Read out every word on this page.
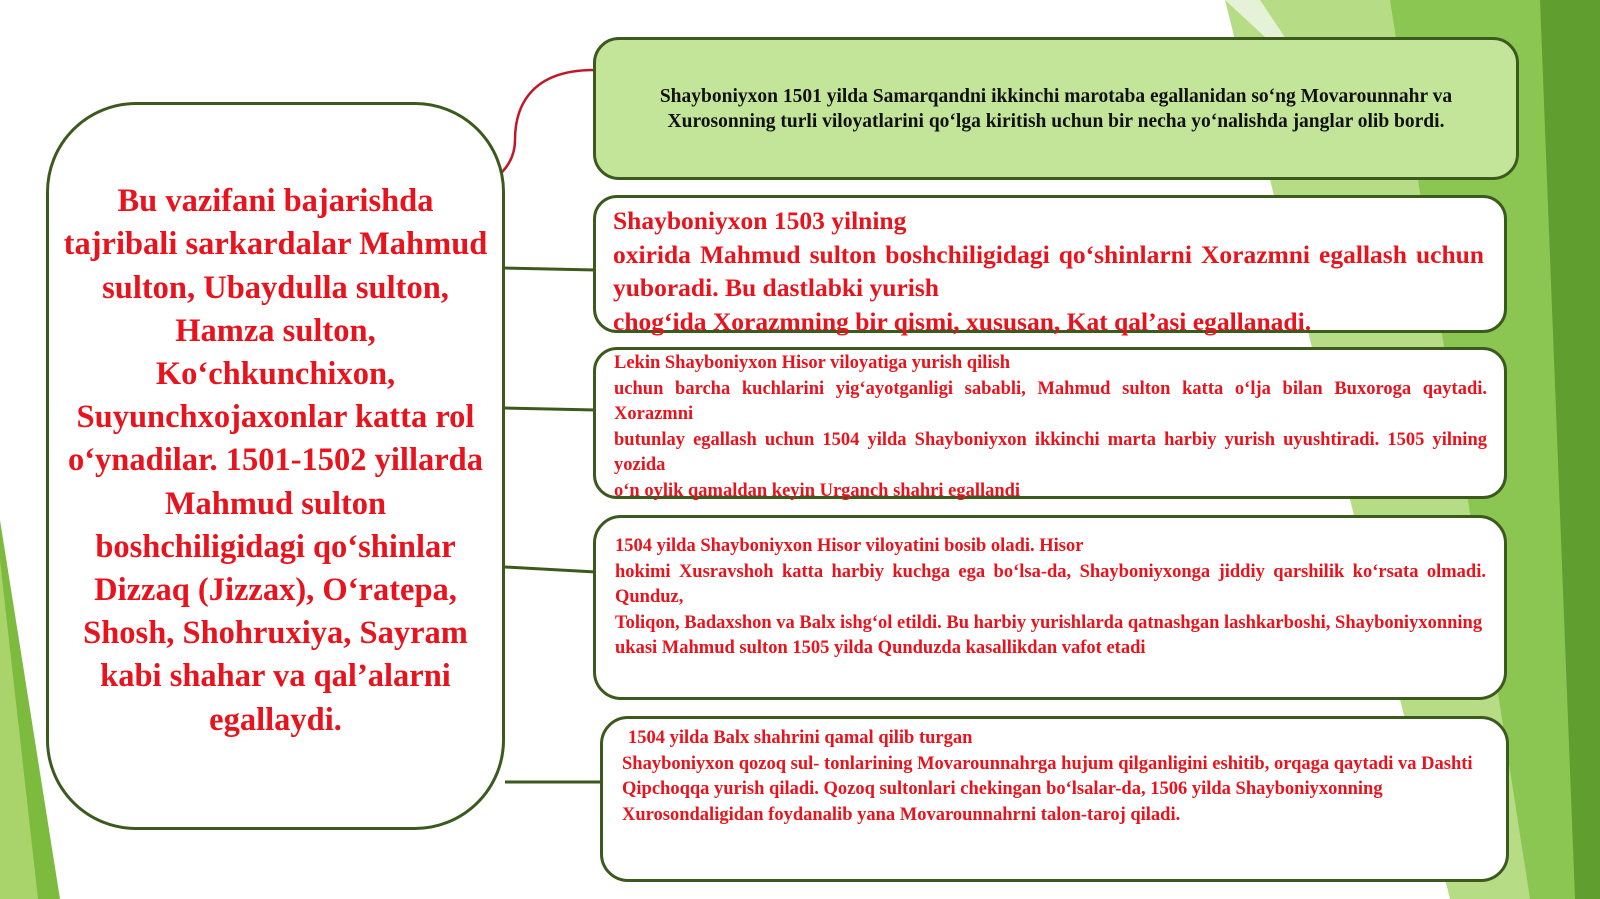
Bu vazifani bajarishda tajribali sarkardalar Mahmud sulton, Ubaydulla sulton, Hamza sulton, Ko‘chkunchixon, Suyunchxojaxonlar katta rol o‘ynadilar. 1501-1502 yillarda Mahmud sulton boshchiligidagi qo‘shinlar Dizzaq (Jizzax), O‘ratepa, Shosh, Shohruxiya, Sayram kabi shahar va qal’alarni egallaydi.
Shayboniyxon 1501 yilda Samarqandni ikkinchi marotaba egallanidan so‘ng Movarounnahr va
Xurosonning turli viloyatlarini qo‘lga kiritish uchun bir necha yo‘nalishda janglar olib bordi.

Shayboniyxon 1503 yilning

oxirida Mahmud sulton boshchiligidagi qo‘shinlarni Xorazmni egallash uchun yuboradi. Bu dastlabki yurish

chog‘ida Xorazmning bir qismi, xususan, Kat qal’asi egallanadi.

Lekin Shayboniyxon Hisor viloyatiga yurish qilish

uchun barcha kuchlarini yig‘ayotganligi sababli, Mahmud sulton katta o‘lja bilan Buxoroga qaytadi. Xorazmni

butunlay egallash uchun 1504 yilda Shayboniyxon ikkinchi marta harbiy yurish uyushtiradi. 1505 yilning yozida

o‘n oylik qamaldan keyin Urganch shahri egallandi

1504 yilda Shayboniyxon Hisor viloyatini bosib oladi. Hisor

hokimi Xusravshoh katta harbiy kuchga ega bo‘lsa-da, Shayboniyxonga jiddiy qarshilik ko‘rsata olmadi. Qunduz,

Toliqon, Badaxshon va Balx ishg‘ol etildi. Bu harbiy yurishlarda qatnashgan lashkarboshi, Shayboniyxonning

ukasi Mahmud sulton 1505 yilda Qunduzda kasallikdan vafot etadi

1504 yilda Balx shahrini qamal qilib turgan

Shayboniyxon qozoq sul- tonlarining Movarounnahrga hujum qilganligini eshitib, orqaga qaytadi va Dashti

Qipchoqqa yurish qiladi. Qozoq sultonlari chekingan bo‘lsalar-da, 1506 yilda Shayboniyxonning

Xurosondaligidan foydanalib yana Movarounnahrni talon-taroj qiladi.
